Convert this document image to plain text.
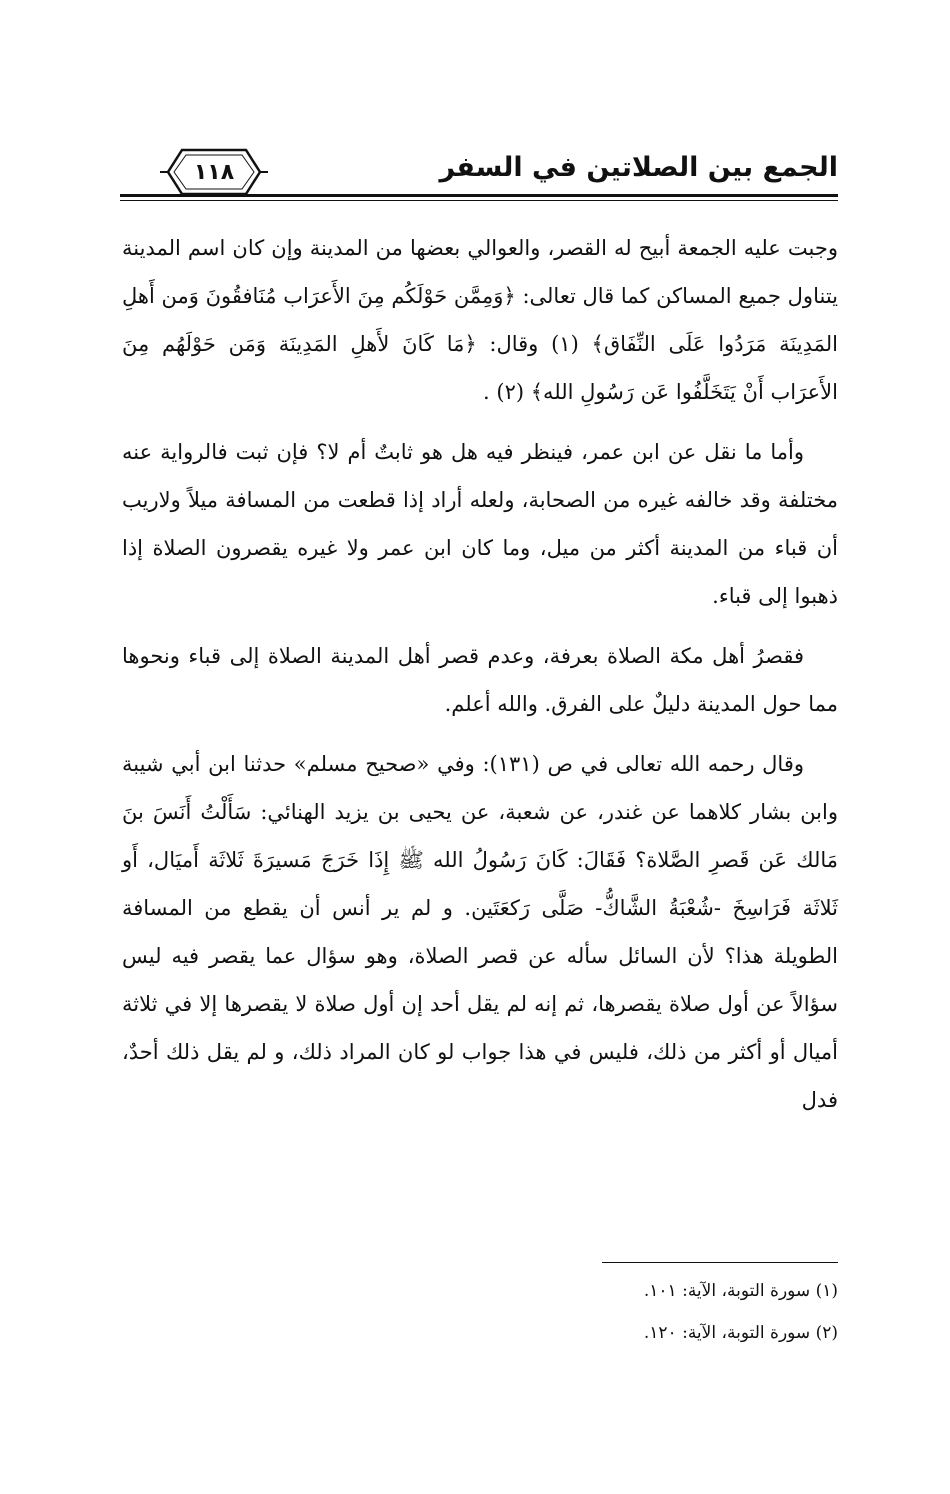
الجمع بين الصلاتين في السفر
١١٨

وجبت عليه الجمعة أبيح له القصر، والعوالي بعضها من المدينة وإن كان اسم المدينة يتناول جميع المساكن كما قال تعالى: ﴿وَمِمَّن حَوْلَكُم مِنَ الأَعرَاب مُنَافقُونَ وَمن أَهلِ المَدِينَة مَرَدُوا عَلَى النِّفَاق﴾ (١) وقال: ﴿مَا كَانَ لأَهلِ المَدِينَة وَمَن حَوْلَهُم مِنَ الأَعرَاب أَنْ يَتَخَلَّفُوا عَن رَسُولِ الله﴾ (٢) .

وأما ما نقل عن ابن عمر، فينظر فيه هل هو ثابتٌ أم لا؟ فإن ثبت فالرواية عنه مختلفة وقد خالفه غيره من الصحابة، ولعله أراد إذا قطعت من المسافة ميلاً ولاريب أن قباء من المدينة أكثر من ميل، وما كان ابن عمر ولا غيره يقصرون الصلاة إذا ذهبوا إلى قباء.

فقصرُ أهل مكة الصلاة بعرفة، وعدم قصر أهل المدينة الصلاة إلى قباء ونحوها مما حول المدينة دليلٌ على الفرق. والله أعلم.

وقال رحمه الله تعالى في ص (١٣١): وفي «صحيح مسلم» حدثنا ابن أبي شيبة وابن بشار كلاهما عن غندر، عن شعبة، عن يحيى بن يزيد الهنائي: سَأَلْتُ أَنَسَ بنَ مَالك عَن قَصرِ الصَّلاة؟ فَقَالَ: كَانَ رَسُولُ الله ﷺ إِذَا خَرَجَ مَسيرَةَ ثَلاثَة أَميَال، أَو ثَلاثَة فَرَاسِخَ -شُعْبَةُ الشَّاكُّ- صَلَّى رَكعَتَين. و لم ير أنس أن يقطع من المسافة الطويلة هذا؟ لأن السائل سأله عن قصر الصلاة، وهو سؤال عما يقصر فيه ليس سؤالاً عن أول صلاة يقصرها، ثم إنه لم يقل أحد إن أول صلاة لا يقصرها إلا في ثلاثة أميال أو أكثر من ذلك، فليس في هذا جواب لو كان المراد ذلك، و لم يقل ذلك أحدٌ، فدل

(١) سورة التوبة، الآية: ١٠١.
(٢) سورة التوبة، الآية: ١٢٠.
